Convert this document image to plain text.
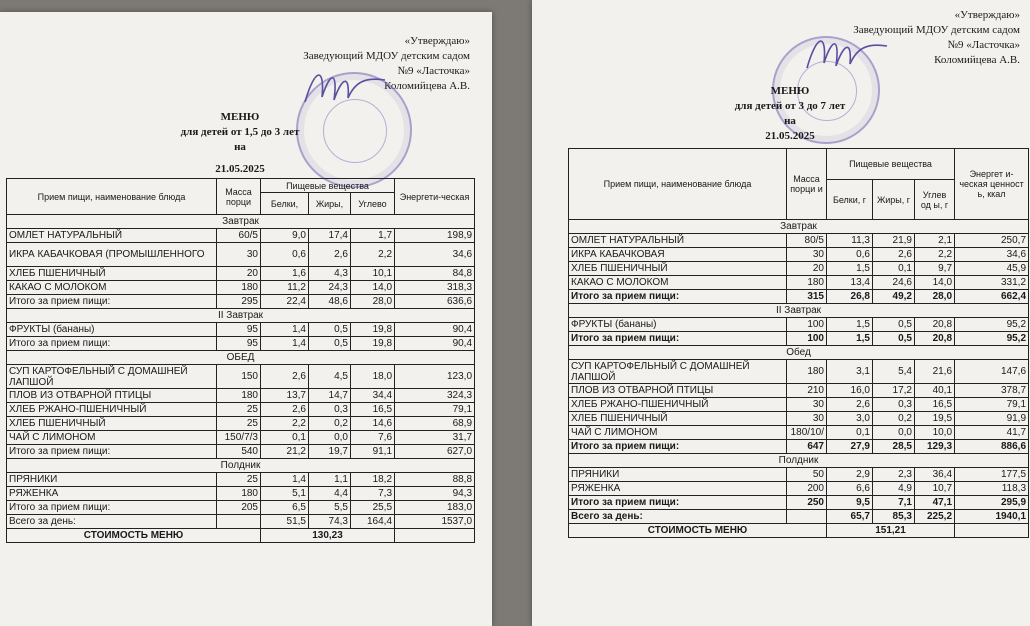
«Утверждаю»
Заведующий МДОУ детским садом
№9 «Ласточка»
Коломийцева А.В.
МЕНЮ
для детей от 1,5 до 3 лет
на
21.05.2025
Прием пищи, наименование блюда	Масса порци	Пищевые вещества			Энергети-ческая
		Белки,	Жиры,	Углево	
Завтрак					
ОМЛЕТ НАТУРАЛЬНЫЙ	60/5	9,0	17,4	1,7	198,9
ИКРА КАБАЧКОВАЯ (ПРОМЫШЛЕННОГО	30	0,6	2,6	2,2	34,6
ХЛЕБ ПШЕНИЧНЫЙ	20	1,6	4,3	10,1	84,8
КАКАО С МОЛОКОМ	180	11,2	24,3	14,0	318,3
Итого за прием пищи:	295	22,4	48,6	28,0	636,6
II Завтрак					
ФРУКТЫ (бананы)	95	1,4	0,5	19,8	90,4
Итого за прием пищи:	95	1,4	0,5	19,8	90,4
ОБЕД					
СУП КАРТОФЕЛЬНЫЙ С ДОМАШНЕЙ ЛАПШОЙ	150	2,6	4,5	18,0	123,0
ПЛОВ ИЗ ОТВАРНОЙ ПТИЦЫ	180	13,7	14,7	34,4	324,3
ХЛЕБ РЖАНО-ПШЕНИЧНЫЙ	25	2,6	0,3	16,5	79,1
ХЛЕБ ПШЕНИЧНЫЙ	25	2,2	0,2	14,6	68,9
ЧАЙ С ЛИМОНОМ	150/7/3	0,1	0,0	7,6	31,7
Итого за прием пищи:	540	21,2	19,7	91,1	627,0
Полдник					
ПРЯНИКИ	25	1,4	1,1	18,2	88,8
РЯЖЕНКА	180	5,1	4,4	7,3	94,3
Итого за прием пищи:	205	6,5	5,5	25,5	183,0
Всего за день:		51,5	74,3	164,4	1537,0
СТОИМОСТЬ МЕНЮ		130,23			
«Утверждаю»
Заведующий МДОУ детским садом
№9 «Ласточка»
Коломийцева А.В.
МЕНЮ
для детей от 3 до 7 лет
на
21.05.2025
Прием пищи, наименование блюда	Масса порци и	Пищевые вещества			Энергет и-ческая ценност ь, ккал
		Белки, г	Жиры, г	Углев од ы, г	
Завтрак					
ОМЛЕТ НАТУРАЛЬНЫЙ	80/5	11,3	21,9	2,1	250,7
ИКРА КАБАЧКОВАЯ	30	0,6	2,6	2,2	34,6
ХЛЕБ ПШЕНИЧНЫЙ	20	1,5	0,1	9,7	45,9
КАКАО С МОЛОКОМ	180	13,4	24,6	14,0	331,2
Итого за прием пищи:	315	26,8	49,2	28,0	662,4
II Завтрак					
ФРУКТЫ (бананы)	100	1,5	0,5	20,8	95,2
Итого за прием пищи:	100	1,5	0,5	20,8	95,2
Обед					
СУП КАРТОФЕЛЬНЫЙ С ДОМАШНЕЙ ЛАПШОЙ	180	3,1	5,4	21,6	147,6
ПЛОВ ИЗ ОТВАРНОЙ ПТИЦЫ	210	16,0	17,2	40,1	378,7
ХЛЕБ РЖАНО-ПШЕНИЧНЫЙ	30	2,6	0,3	16,5	79,1
ХЛЕБ ПШЕНИЧНЫЙ	30	3,0	0,2	19,5	91,9
ЧАЙ С ЛИМОНОМ	180/10/	0,1	0,0	10,0	41,7
Итого за прием пищи:	647	27,9	28,5	129,3	886,6
Полдник					
ПРЯНИКИ	50	2,9	2,3	36,4	177,5
РЯЖЕНКА	200	6,6	4,9	10,7	118,3
Итого за прием пищи:	250	9,5	7,1	47,1	295,9
Всего за день:		65,7	85,3	225,2	1940,1
СТОИМОСТЬ МЕНЮ		151,21			
